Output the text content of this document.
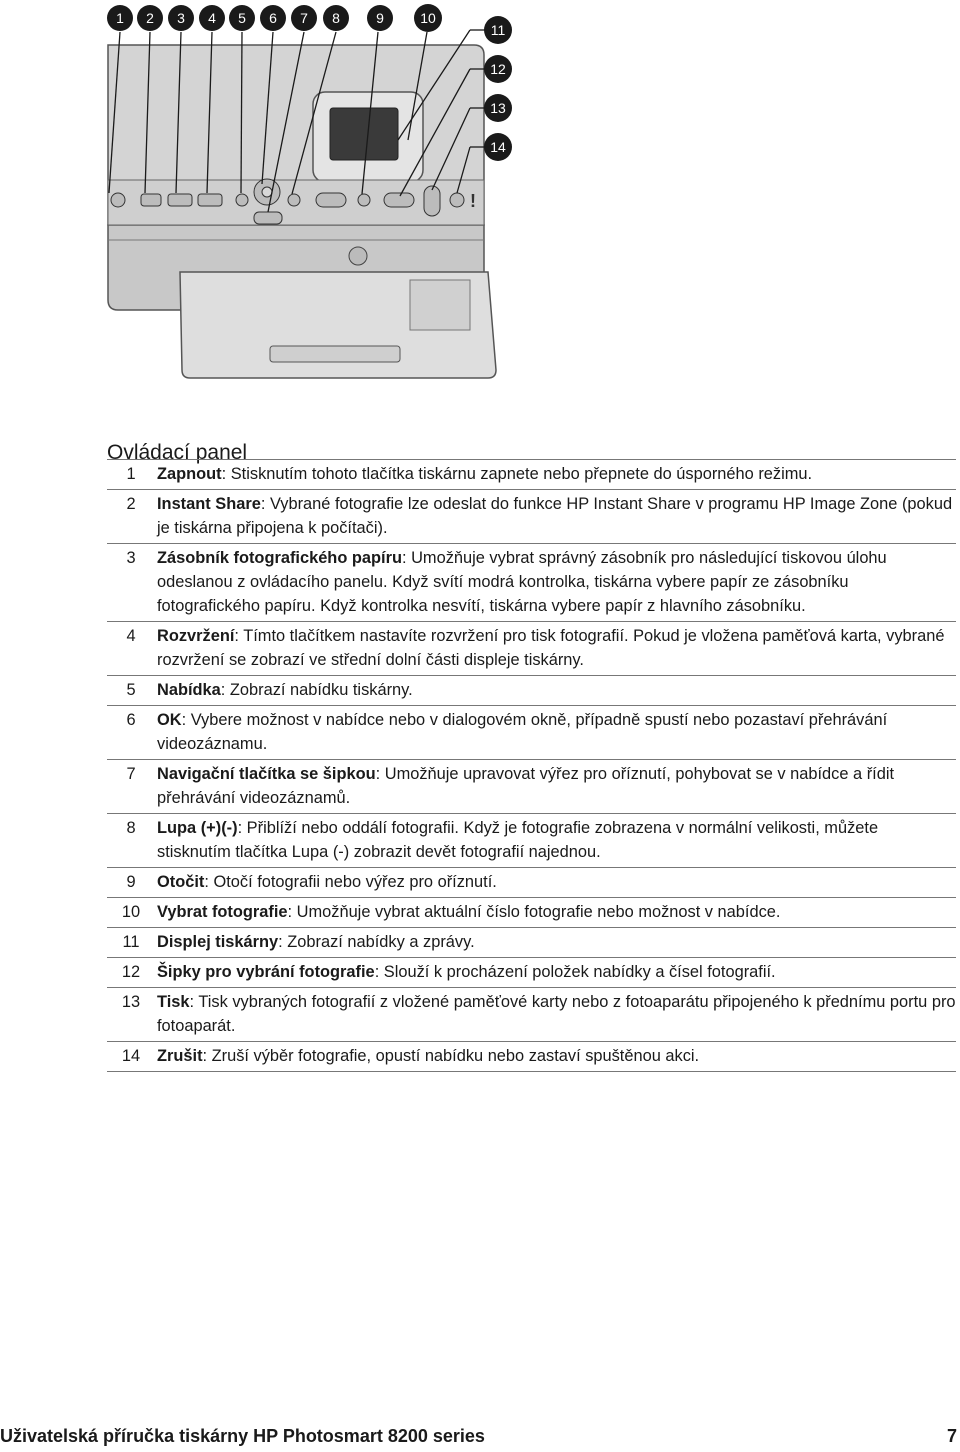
!
1 2 3 4 5 6 7 8	9	10
11
12
13
14
Ovládací panel
1	Zapnout: Stisknutím tohoto tlačítka tiskárnu zapnete nebo přepnete do úsporného režimu.
2	Instant Share: Vybrané fotografie lze odeslat do funkce HP Instant Share v programu HP Image Zone (pokud je tiskárna připojena k počítači).
3	Zásobník fotografického papíru: Umožňuje vybrat správný zásobník pro následující tiskovou úlohu odeslanou z ovládacího panelu. Když svítí modrá kontrolka, tiskárna vybere papír ze zásobníku fotografického papíru. Když kontrolka nesvítí, tiskárna vybere papír z hlavního zásobníku.
4	Rozvržení: Tímto tlačítkem nastavíte rozvržení pro tisk fotografií. Pokud je vložena paměťová karta, vybrané rozvržení se zobrazí ve střední dolní části displeje tiskárny.
5	Nabídka: Zobrazí nabídku tiskárny.
6	OK: Vybere možnost v nabídce nebo v dialogovém okně, případně spustí nebo pozastaví přehrávání videozáznamu.
7	Navigační tlačítka se šipkou: Umožňuje upravovat výřez pro oříznutí, pohybovat se v nabídce a řídit přehrávání videozáznamů.
8	Lupa (+)(-): Přiblíží nebo oddálí fotografii. Když je fotografie zobrazena v normální velikosti, můžete stisknutím tlačítka Lupa (-) zobrazit devět fotografií najednou.
9	Otočit: Otočí fotografii nebo výřez pro oříznutí.
10	Vybrat fotografie: Umožňuje vybrat aktuální číslo fotografie nebo možnost v nabídce.
11	Displej tiskárny: Zobrazí nabídky a zprávy.
12	Šipky pro vybrání fotografie: Slouží k procházení položek nabídky a čísel fotografií.
13	Tisk: Tisk vybraných fotografií z vložené paměťové karty nebo z fotoaparátu připojeného k přednímu portu pro fotoaparát.
14	Zrušit: Zruší výběr fotografie, opustí nabídku nebo zastaví spuštěnou akci.
Uživatelská příručka tiskárny HP Photosmart 8200 series	7
